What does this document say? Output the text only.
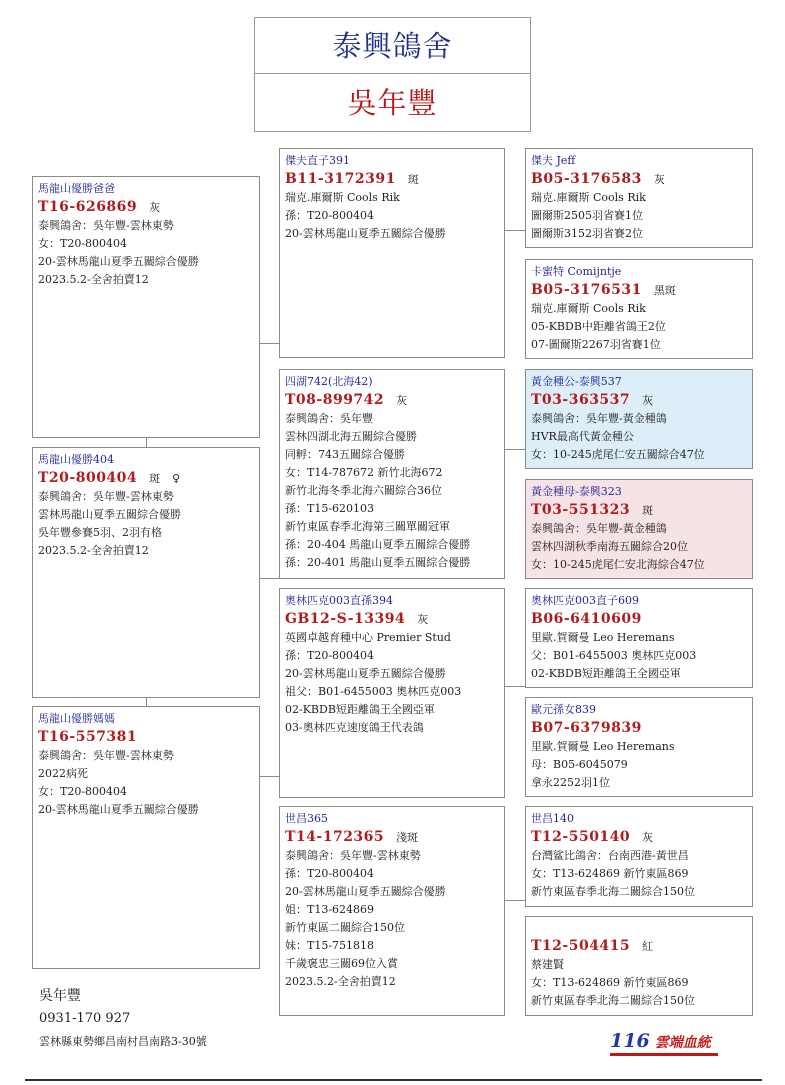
泰興鴿舍
吳年豐
馬龍山優勝爸爸
T16-626869 灰
泰興鴿舍：吳年豐-雲林東勢
女：T20-800404
20-雲林馬龍山夏季五關綜合優勝
2023.5.2-全舍拍賣12
馬龍山優勝404
T20-800404 斑 ♀
泰興鴿舍：吳年豐-雲林東勢
雲林馬龍山夏季五關綜合優勝
吳年豐參賽5羽、2羽有格
2023.5.2-全舍拍賣12
馬龍山優勝媽媽
T16-557381
泰興鴿舍：吳年豐-雲林東勢
2022病死
女：T20-800404
20-雲林馬龍山夏季五關綜合優勝
傑夫直子391
B11-3172391 斑
瑞克.庫爾斯 Cools Rik
孫：T20-800404
20-雲林馬龍山夏季五關綜合優勝
四湖742(北海42)
T08-899742 灰
泰興鴿舍：吳年豐
雲林四湖北海五關綜合優勝
同孵：743五關綜合優勝
女：T14-787672 新竹北海672
新竹北海冬季北海六關綜合36位
孫：T15-620103
新竹東區春季北海第三關單關冠軍
孫：20-404 馬龍山夏季五關綜合優勝
孫：20-401 馬龍山夏季五關綜合優勝
奧林匹克003直孫394
GB12-S-13394 灰
英國卓越育種中心 Premier Stud
孫：T20-800404
20-雲林馬龍山夏季五關綜合優勝
祖父：B01-6455003 奧林匹克003
02-KBDB短距離鴿王全國亞軍
03-奧林匹克速度鴿王代表鴿
世昌365
T14-172365 淺斑
泰興鴿舍：吳年豐-雲林東勢
孫：T20-800404
20-雲林馬龍山夏季五關綜合優勝
姐：T13-624869
新竹東區二關綜合150位
妹：T15-751818
千歲褒忠三關69位入賞
2023.5.2-全舍拍賣12
傑夫 Jeff
B05-3176583 灰
瑞克.庫爾斯 Cools Rik
圖爾斯2505羽省賽1位
圖爾斯3152羽省賽2位
卡蜜特 Comijntje
B05-3176531 黑斑
瑞克.庫爾斯 Cools Rik
05-KBDB中距離省鴿王2位
07-圖爾斯2267羽省賽1位
黃金種公-泰興537
T03-363537 灰
泰興鴿舍：吳年豐-黃金種鴿
HVR最高代黃金種公
女：10-245虎尾仁安五關綜合47位
黃金種母-泰興323
T03-551323 斑
泰興鴿舍：吳年豐-黃金種鴿
雲林四湖秋季南海五關綜合20位
女：10-245虎尾仁安北海綜合47位
奧林匹克003直子609
B06-6410609
里歐.賀爾曼 Leo Heremans
父：B01-6455003 奧林匹克003
02-KBDB短距離鴿王全國亞軍
歐元孫女839
B07-6379839
里歐.賀爾曼 Leo Heremans
母：B05-6045079
拿永2252羽1位
世昌140
T12-550140 灰
台灣鲨比鴿舍：台南西港-黃世昌
女：T13-624869 新竹東區869
新竹東區春季北海二關綜合150位
T12-504415 紅
蔡建賢
女：T13-624869 新竹東區869
新竹東區春季北海二關綜合150位
吳年豐
0931-170 927
雲林縣東勢鄉昌南村昌南路3-30號	116 雲端血統
